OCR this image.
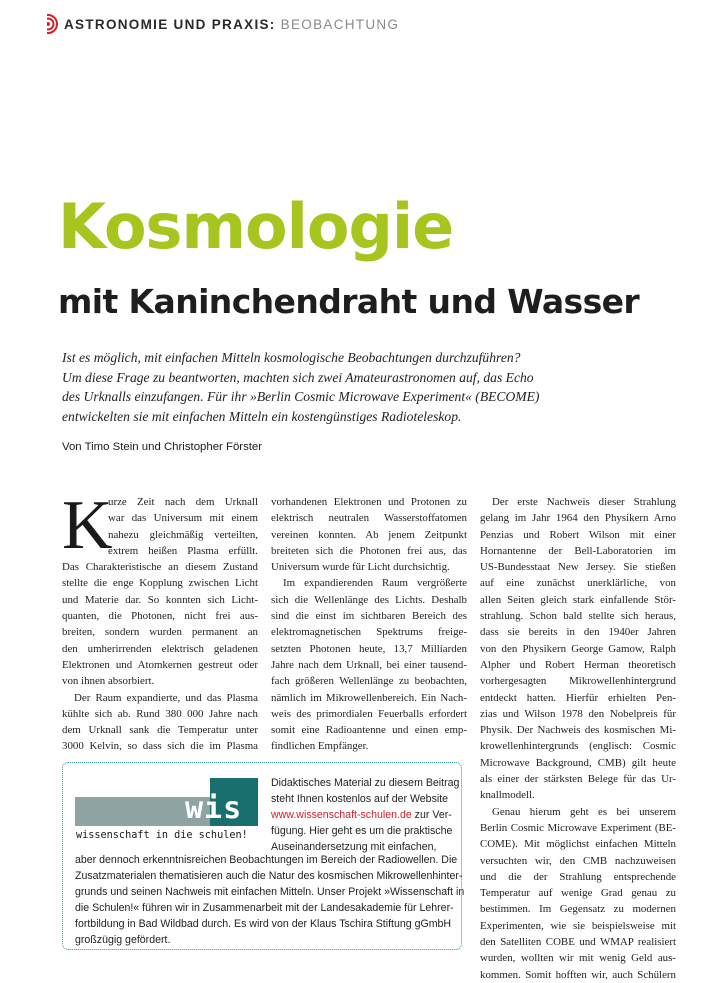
ASTRONOMIE UND PRAXIS: BEOBACHTUNG
Kosmologie
mit Kaninchendraht und Wasser
Ist es möglich, mit einfachen Mitteln kosmologische Beobachtungen durchzuführen?
Um diese Frage zu beantworten, machten sich zwei Amateurastronomen auf, das Echo
des Urknalls einzufangen. Für ihr »Berlin Cosmic Microwave Experiment« (BECOME)
entwickelten sie mit einfachen Mitteln ein kostengünstiges Radioteleskop.
Von Timo Stein und Christopher Förster
K
urze Zeit nach dem Urknall
war das Universum mit einem
nahezu gleichmäßig verteilten,
extrem heißen Plasma erfüllt.
Das Charakteristische an diesem Zustand
stellte die enge Kopplung zwischen Licht
und Materie dar. So konnten sich Licht-
quanten, die Photonen, nicht frei aus-
breiten, sondern wurden permanent an
den umherirrenden elektrisch geladenen
Elektronen und Atomkernen gestreut oder
von ihnen absorbiert.
Der Raum expandierte, und das Plasma
kühlte sich ab. Rund 380 000 Jahre nach
dem Urknall sank die Temperatur unter
3000 Kelvin, so dass sich die im Plasma
vorhandenen Elektronen und Protonen zu
elektrisch neutralen Wasserstoffatomen
vereinen konnten. Ab jenem Zeitpunkt
breiteten sich die Photonen frei aus, das
Universum wurde für Licht durchsichtig.
Im expandierenden Raum vergrößerte
sich die Wellenlänge des Lichts. Deshalb
sind die einst im sichtbaren Bereich des
elektromagnetischen Spektrums freige-
setzten Photonen heute, 13,7 Milliarden
Jahre nach dem Urknall, bei einer tausend-
fach größeren Wellenlänge zu beobachten,
nämlich im Mikrowellenbereich. Ein Nach-
weis des primordialen Feuerballs erfordert
somit eine Radioantenne und einen emp-
findlichen Empfänger.
Der erste Nachweis dieser Strahlung
gelang im Jahr 1964 den Physikern Arno
Penzias und Robert Wilson mit einer
Hornantenne der Bell-Laboratorien im
US-Bundesstaat New Jersey. Sie stießen
auf eine zunächst unerklärliche, von
allen Seiten gleich stark einfallende Stör-
strahlung. Schon bald stellte sich heraus,
dass sie bereits in den 1940er Jahren
von den Physikern George Gamow, Ralph
Alpher und Robert Herman theoretisch
vorhergesagten Mikrowellenhintergrund
entdeckt hatten. Hierfür erhielten Pen-
zias und Wilson 1978 den Nobelpreis für
Physik. Der Nachweis des kosmischen Mi-
krowellenhintergrunds (englisch: Cosmic
Microwave Background, CMB) gilt heute
als einer der stärksten Belege für das Ur-
knallmodell.
Genau hierum geht es bei unserem
Berlin Cosmic Microwave Experiment (BE-
COME). Mit möglichst einfachen Mitteln
versuchten wir, den CMB nachzuweisen
und die der Strahlung entsprechende
Temperatur auf wenige Grad genau zu
bestimmen. Im Gegensatz zu modernen
Experimenten, wie sie beispielsweise mit
den Satelliten COBE und WMAP realisiert
wurden, wollten wir mit wenig Geld aus-
kommen. Somit hofften wir, auch Schülern
wis
wissenschaft in die schulen!
Didaktisches Material zu diesem Beitrag
steht Ihnen kostenlos auf der Website
www.wissenschaft-schulen.de zur Ver-
fügung. Hier geht es um die praktische
Auseinandersetzung mit einfachen,
aber dennoch erkenntnisreichen Beobachtungen im Bereich der Radiowellen. Die
Zusatzmaterialen thematisieren auch die Natur des kosmischen Mikrowellenhinter-
grunds und seinen Nachweis mit einfachen Mitteln. Unser Projekt »Wissenschaft in
die Schulen!« führen wir in Zusammenarbeit mit der Landesakademie für Lehrer-
fortbildung in Bad Wildbad durch. Es wird von der Klaus Tschira Stiftung gGmbH
großzügig gefördert.
